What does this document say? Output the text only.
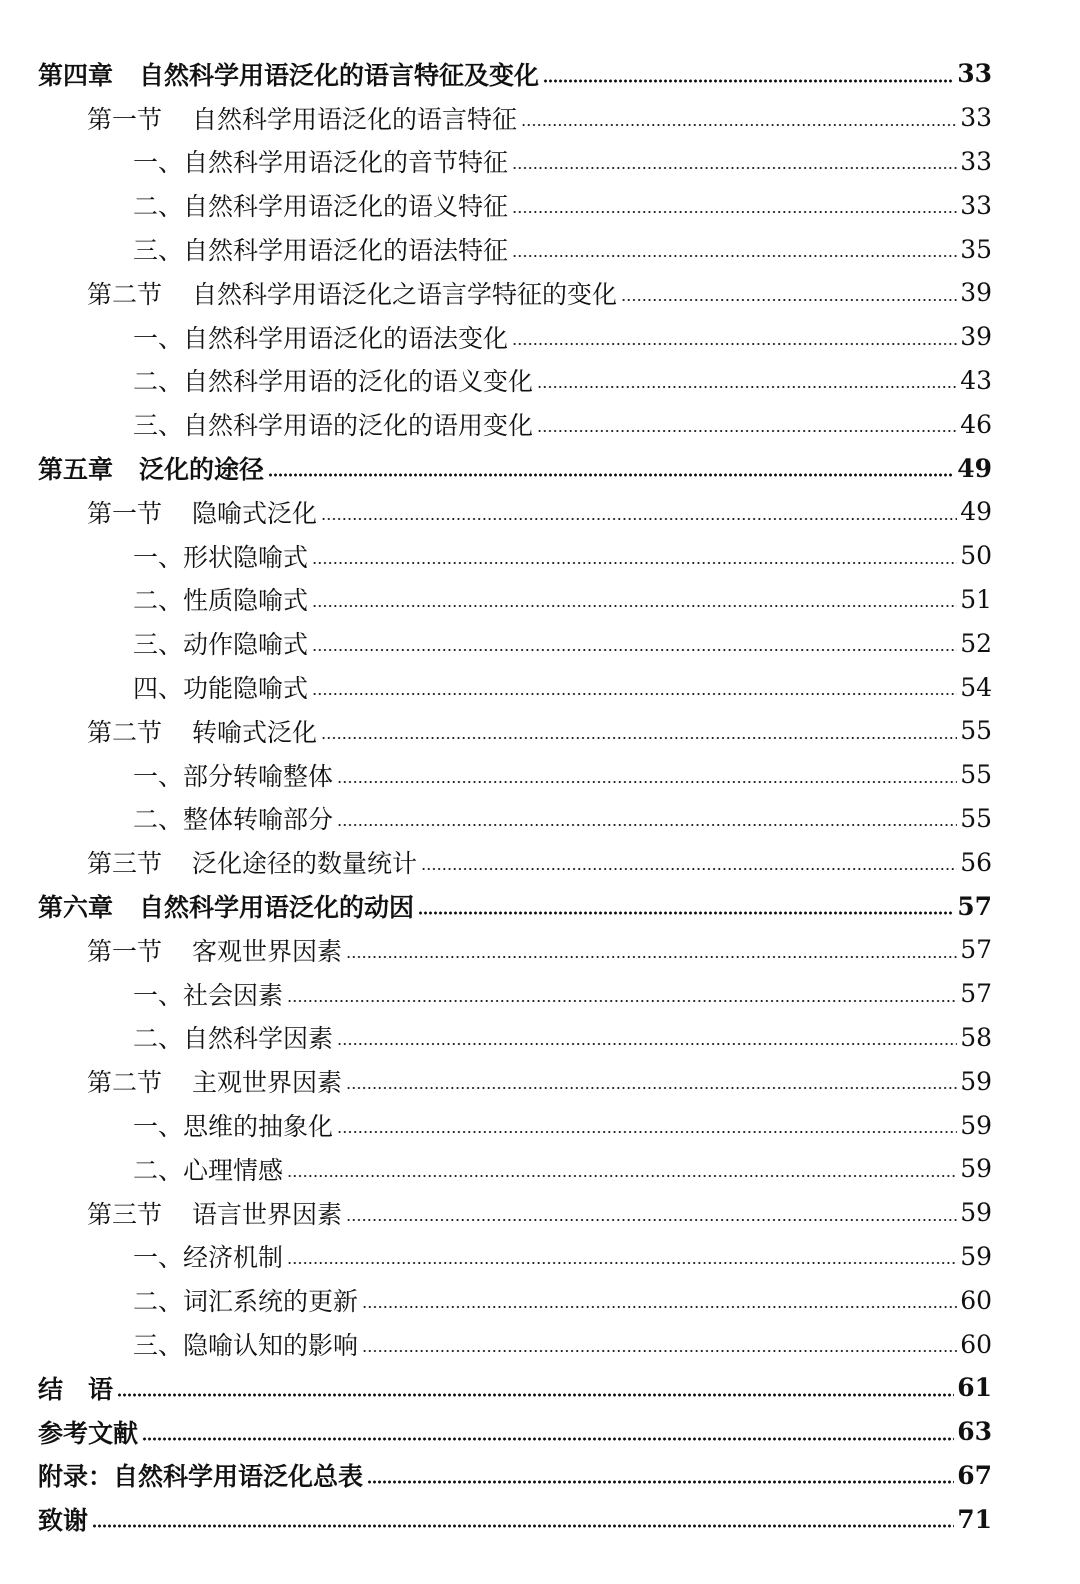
第四章 自然科学用语泛化的语言特征及变化	33
第一节 自然科学用语泛化的语言特征	33
一、自然科学用语泛化的音节特征	33
二、自然科学用语泛化的语义特征	33
三、自然科学用语泛化的语法特征	35
第二节 自然科学用语泛化之语言学特征的变化	39
一、自然科学用语泛化的语法变化	39
二、自然科学用语的泛化的语义变化	43
三、自然科学用语的泛化的语用变化	46
第五章 泛化的途径	49
第一节 隐喻式泛化	49
一、形状隐喻式	50
二、性质隐喻式	51
三、动作隐喻式	52
四、功能隐喻式	54
第二节 转喻式泛化	55
一、部分转喻整体	55
二、整体转喻部分	55
第三节 泛化途径的数量统计	56
第六章 自然科学用语泛化的动因	57
第一节 客观世界因素	57
一、社会因素	57
二、自然科学因素	58
第二节 主观世界因素	59
一、思维的抽象化	59
二、心理情感	59
第三节 语言世界因素	59
一、经济机制	59
二、词汇系统的更新	60
三、隐喻认知的影响	60
结　语	61
参考文献	63
附录：自然科学用语泛化总表	67
致谢	71
